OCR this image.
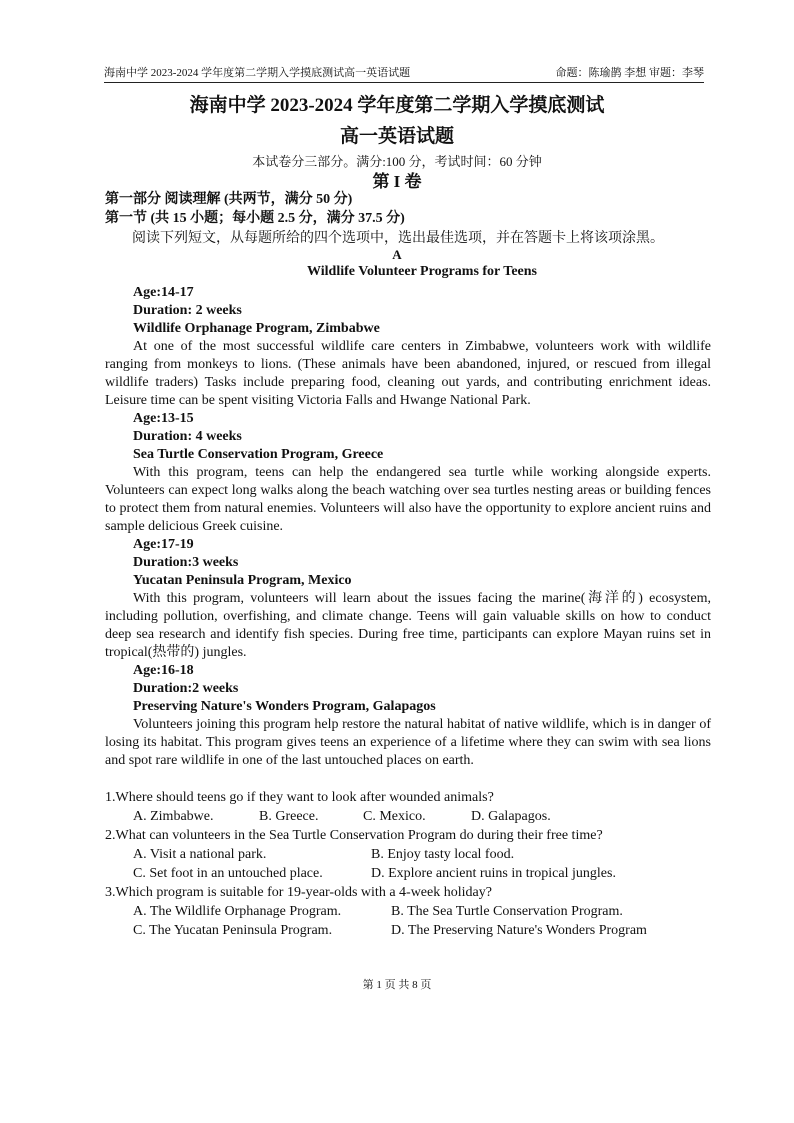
海南中学 2023-2024 学年度第二学期入学摸底测试高一英语试题	命题：陈瑜鹊 李想 审题：李琴
海南中学 2023-2024 学年度第二学期入学摸底测试
高一英语试题
本试卷分三部分。满分:100 分，考试时间：60 分钟
第 I 卷
第一部分 阅读理解 (共两节，满分 50 分)
第一节 (共 15 小题；每小题 2.5 分，满分 37.5 分)
阅读下列短文，从每题所给的四个选项中，选出最佳选项，并在答题卡上将该项涂黑。
A
Wildlife Volunteer Programs for Teens
Age:14-17
Duration: 2 weeks
Wildlife Orphanage Program, Zimbabwe

At one of the most successful wildlife care centers in Zimbabwe, volunteers work with wildlife ranging from monkeys to lions. (These animals have been abandoned, injured, or rescued from illegal wildlife traders) Tasks include preparing food, cleaning out yards, and contributing enrichment ideas. Leisure time can be spent visiting Victoria Falls and Hwange National Park.

Age:13-15
Duration: 4 weeks
Sea Turtle Conservation Program, Greece

With this program, teens can help the endangered sea turtle while working alongside experts. Volunteers can expect long walks along the beach watching over sea turtles nesting areas or building fences to protect them from natural enemies. Volunteers will also have the opportunity to explore ancient ruins and sample delicious Greek cuisine.

Age:17-19
Duration:3 weeks
Yucatan Peninsula Program, Mexico

With this program, volunteers will learn about the issues facing the marine(海洋的) ecosystem, including pollution, overfishing, and climate change. Teens will gain valuable skills on how to conduct deep sea research and identify fish species. During free time, participants can explore Mayan ruins set in tropical(热带的) jungles.

Age:16-18
Duration:2 weeks
Preserving Nature's Wonders Program, Galapagos

Volunteers joining this program help restore the natural habitat of native wildlife, which is in danger of losing its habitat. This program gives teens an experience of a lifetime where they can swim with sea lions and spot rare wildlife in one of the last untouched places on earth.

1.Where should teens go if they want to look after wounded animals?
A. Zimbabwe.	B. Greece.	C. Mexico.	D. Galapagos.
2.What can volunteers in the Sea Turtle Conservation Program do during their free time?
A. Visit a national park.	B. Enjoy tasty local food.
C. Set foot in an untouched place.	D. Explore ancient ruins in tropical jungles.
3.Which program is suitable for 19-year-olds with a 4-week holiday?
A. The Wildlife Orphanage Program.	B. The Sea Turtle Conservation Program.
C. The Yucatan Peninsula Program.	D. The Preserving Nature's Wonders Program
第 1 页 共 8 页
